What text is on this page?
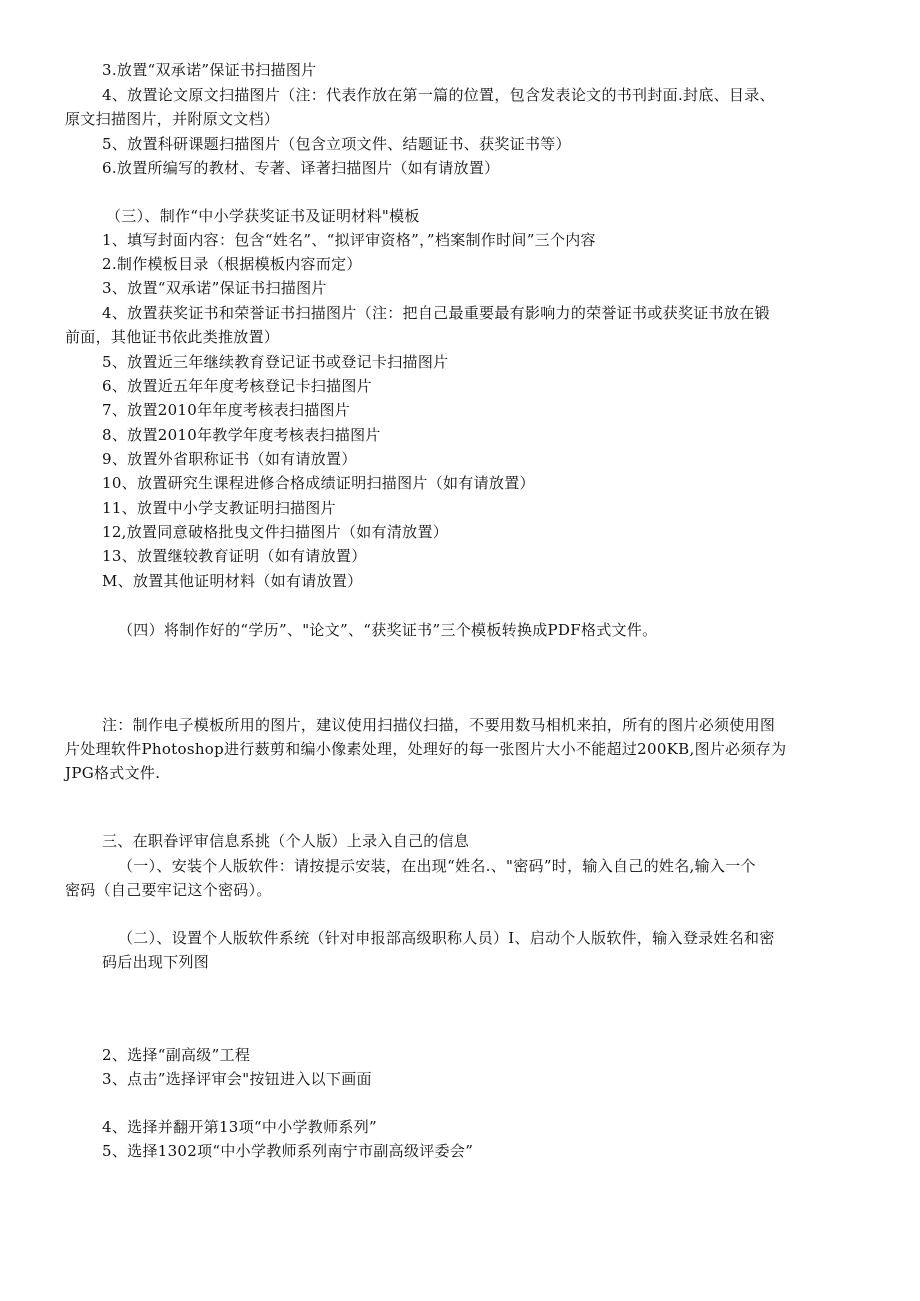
3.放置“双承诺”保证书扫描图片
4、放置论文原文扫描图片（注：代表作放在第一篇的位置，包含发表论文的书刊封面.封底、目录、
原文扫描图片，并附原文文档）
5、放置科研课题扫描图片（包含立项文件、结题证书、获奖证书等）
6.放置所编写的教材、专著、译著扫描图片（如有请放置）
（三）、制作“中小学获奖证书及证明材料"模板
1、填写封面内容：包含“姓名”、“拟评审资格”，”档案制作时间”三个内容
2.制作模板目录（根据模板内容而定）
3、放置“双承诺”保证书扫描图片
4、放置获奖证书和荣誉证书扫描图片（注：把自己最重要最有影响力的荣誉证书或获奖证书放在锻
前面，其他证书依此类推放置）
5、放置近三年继续教育登记证书或登记卡扫描图片
6、放置近五年年度考核登记卡扫描图片
7、放置2010年年度考核表扫描图片
8、放置2010年教学年度考核表扫描图片
9、放置外省职称证书（如有请放置）
10、放置研究生课程进修合格成绩证明扫描图片（如有请放置）
11、放置中小学支教证明扫描图片
12,放置同意破格批曳文件扫描图片（如有清放置）
13、放置继较教育证明（如有请放置）
M、放置其他证明材料（如有请放置）
（四）将制作好的“学历”、"论文”、“获奖证书”三个模板转换成PDF格式文件。
注：制作电子模板所用的图片，建议使用扫描仪扫描，不要用数马相机来拍，所有的图片必须使用图
片处理软件Photoshop进行薮剪和编小像素处理，处理好的每一张图片大小不能超过200KB,图片必须存为
JPG格式文件.
三、在职眷评审信息系挑（个人版）上录入自己的信息
（一）、安装个人版软件：请按提示安装，在出现“姓名.、"密码”时，输入自己的姓名,输入一个
密码（自己要牢记这个密码）。
（二）、设置个人版软件系统（针对申报部高级职称人员）I、启动个人版软件，输入登录姓名和密
码后出现下列图
2、选择“副高级”工程
3、点击”选择评审会"按钮进入以下画面
4、选择并翻开第13项“中小学教师系列”
5、选择1302项“中小学教师系列南宁市副高级评委会”
